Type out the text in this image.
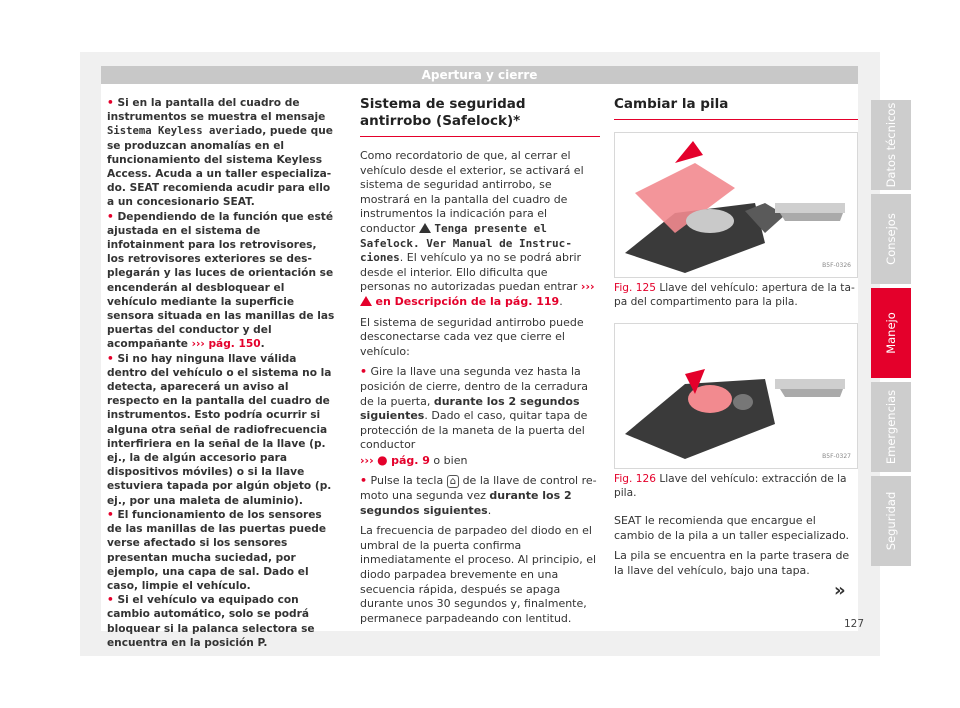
Apertura y cierre
• Si en la pantalla del cuadro de instrumentos se muestra el mensaje Sistema Keyless averiado, puede que se produzcan anomalías en el funcionamiento del sistema Keyless Access. Acuda a un taller especializado. SEAT recomienda acudir para ello a un concesionario SEAT.
• Dependiendo de la función que esté ajustada en el sistema de infotainment para los retrovisores, los retrovisores exteriores se desplegarán y las luces de orientación se encenderán al desbloquear el vehículo mediante la superficie sensora situada en las manillas de las puertas del conductor y del acompañante ››› pág. 150.
• Si no hay ninguna llave válida dentro del vehículo o el sistema no la detecta, aparecerá un aviso al respecto en la pantalla del cuadro de instrumentos. Esto podría ocurrir si alguna otra señal de radiofrecuencia interfiriera en la señal de la llave (p. ej., la de algún accesorio para dispositivos móviles) o si la llave estuviera tapada por algún objeto (p. ej., por una maleta de aluminio).
• El funcionamiento de los sensores de las manillas de las puertas puede verse afectado si los sensores presentan mucha suciedad, por ejemplo, una capa de sal. Dado el caso, limpie el vehículo.
• Si el vehículo va equipado con cambio automático, solo se podrá bloquear si la palanca selectora se encuentra en la posición P.
Sistema de seguridad antirrobo (Safelock)*
Como recordatorio de que, al cerrar el vehículo desde el exterior, se activará el sistema de seguridad antirrobo, se mostrará en la pantalla del cuadro de instrumentos la indicación para el conductor  Tenga presente el Safelock. Ver Manual de Instrucciones. El vehículo ya no se podrá abrir desde el interior. Ello dificulta que personas no autorizadas puedan entrar ›››  en Descripción de la pág. 119.
El sistema de seguridad antirrobo puede desconectarse cada vez que cierre el vehículo:
• Gire la llave una segunda vez hasta la posición de cierre, dentro de la cerradura de la puerta, durante los 2 segundos siguientes. Dado el caso, quitar tapa de protección de la maneta de la puerta del conductor
››› ● pág. 9 o bien
• Pulse la tecla ⌂ de la llave de control remoto una segunda vez durante los 2 segundos siguientes.
La frecuencia de parpadeo del diodo en el umbral de la puerta confirma inmediatamente el proceso. Al principio, el diodo parpadea brevemente en una secuencia rápida, después se apaga durante unos 30 segundos y, finalmente, permanece parpadeando con lentitud.
Cambiar la pila
B5F-0326
Fig. 125 Llave del vehículo: apertura de la tapa del compartimento para la pila.
B5F-0327
Fig. 126 Llave del vehículo: extracción de la pila.
SEAT le recomienda que encargue el cambio de la pila a un taller especializado.
La pila se encuentra en la parte trasera de la llave del vehículo, bajo una tapa.
»
Datos técnicos
Consejos
Manejo
Emergencias
Seguridad
127
